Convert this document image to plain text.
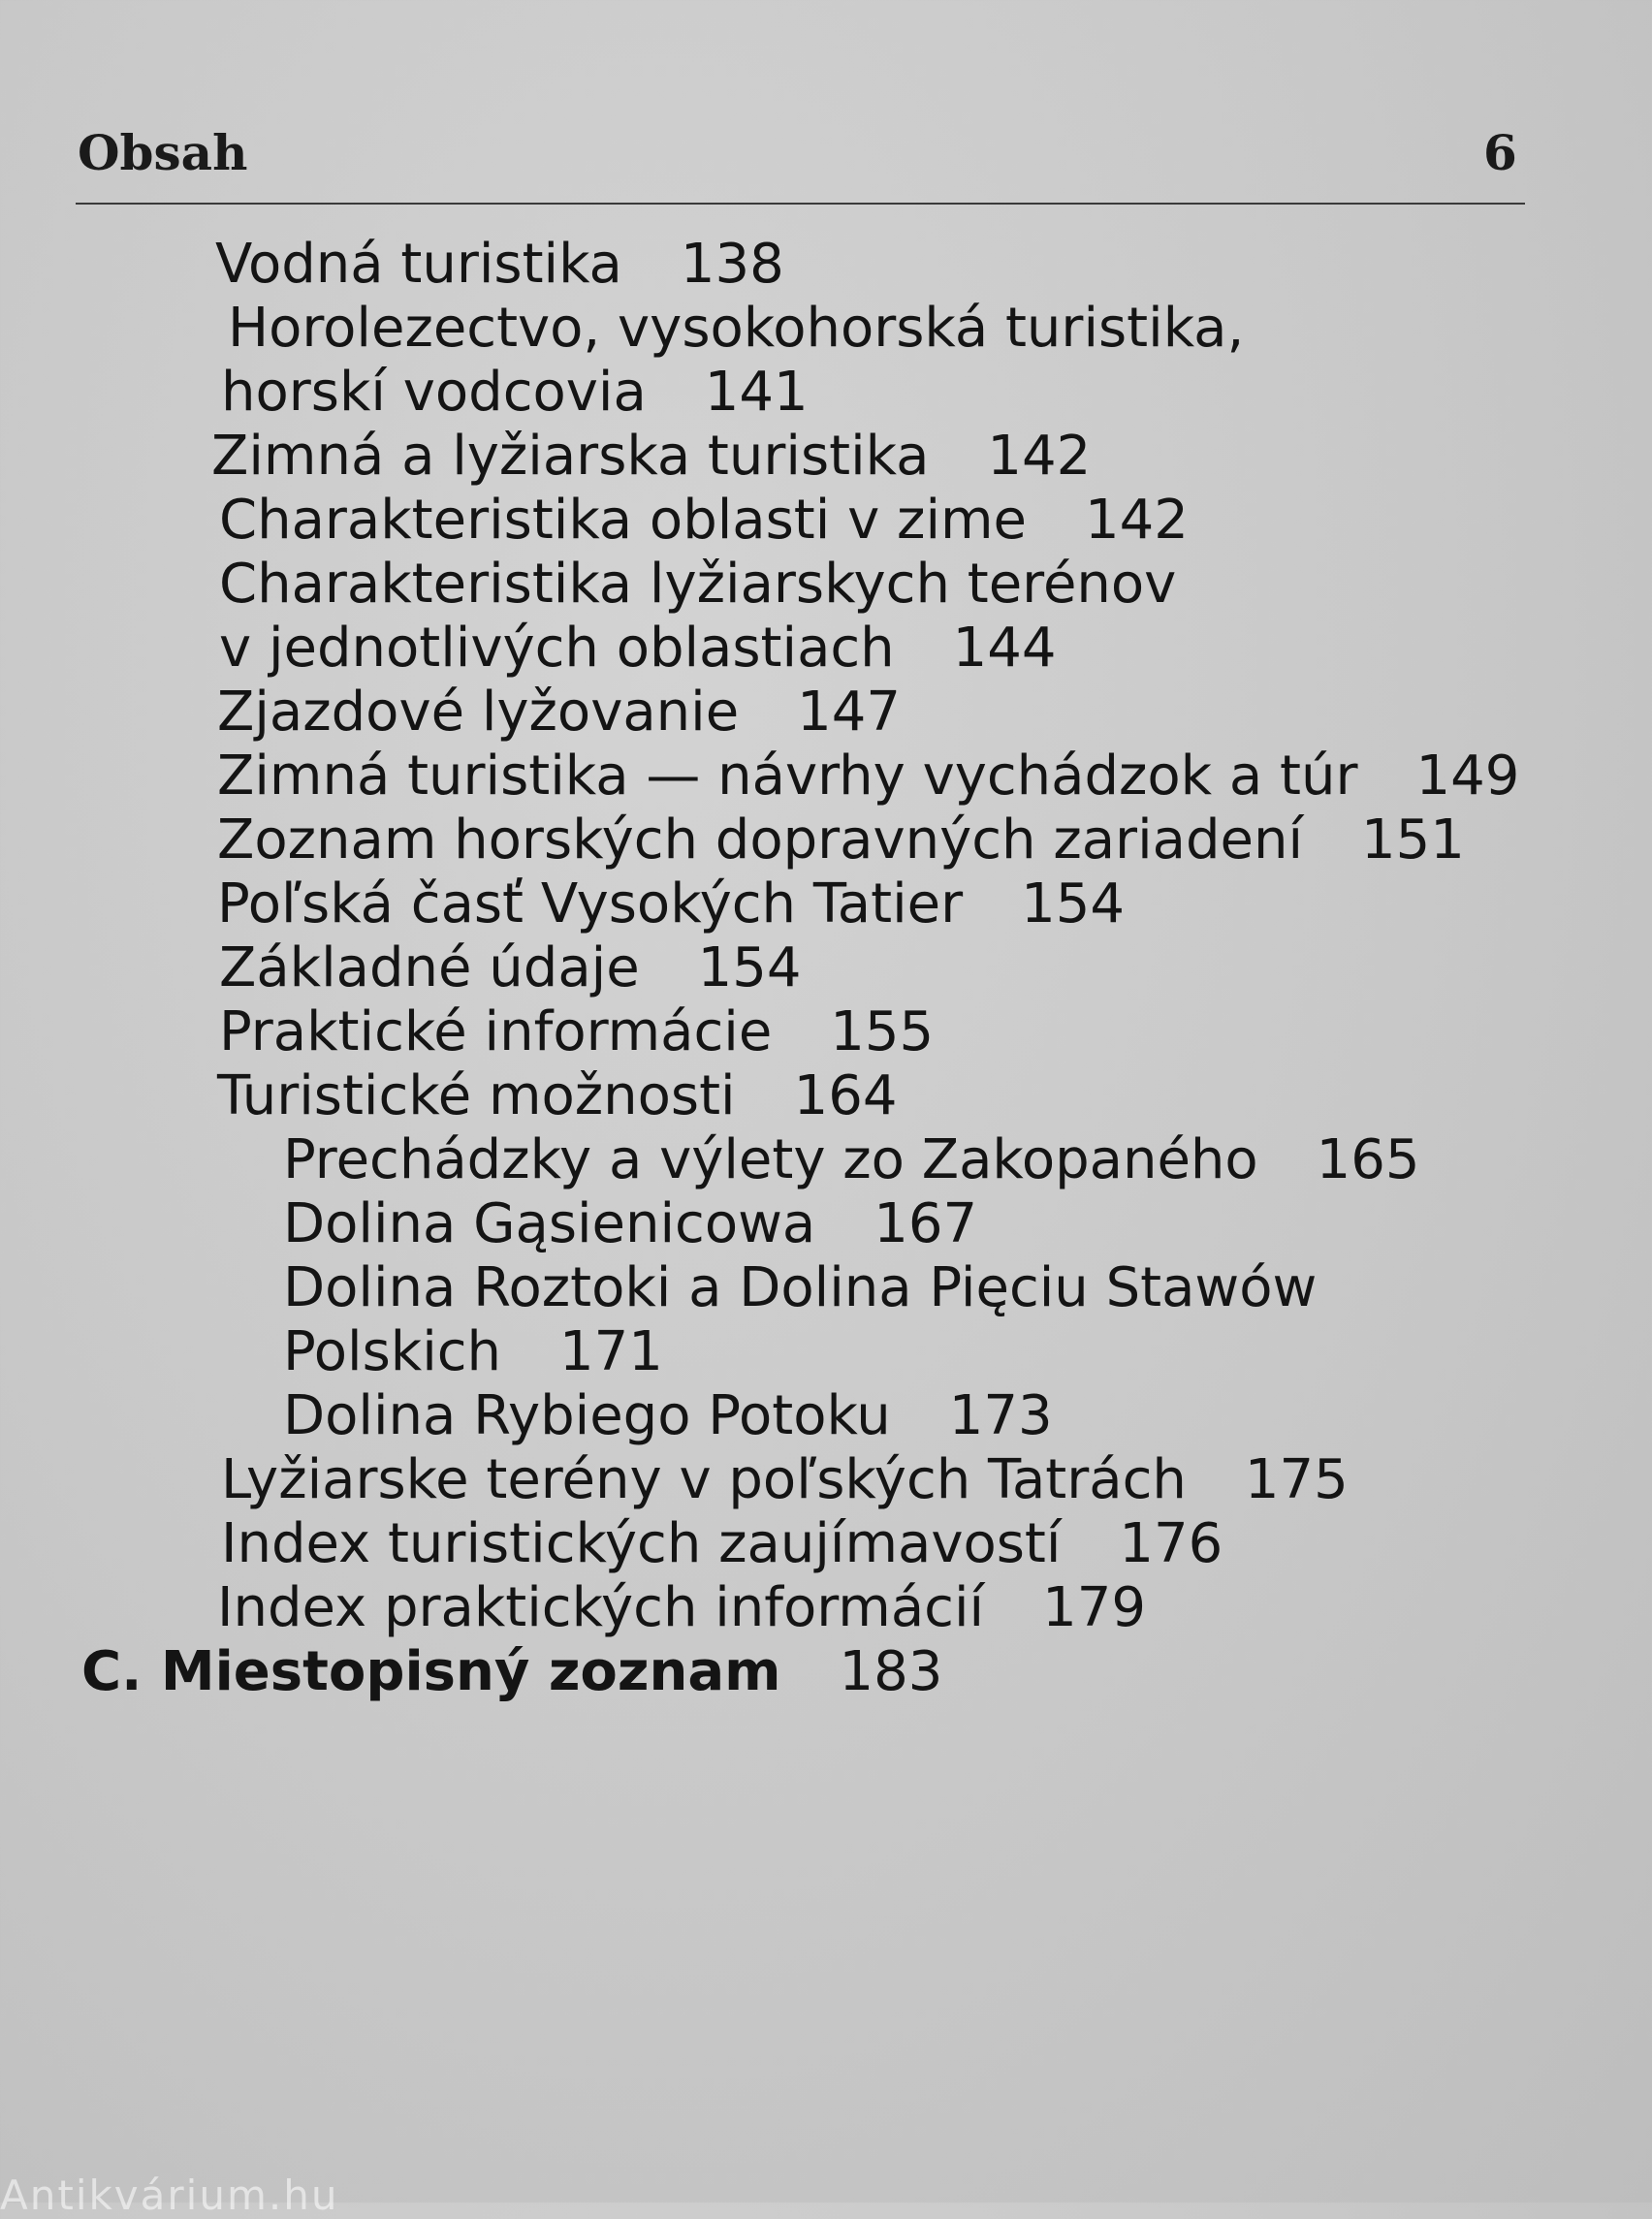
Obsah	6
Vodná turistika 138
Horolezectvo, vysokohorská turistika,
horskí vodcovia 141
Zimná a lyžiarska turistika 142
Charakteristika oblasti v zime 142
Charakteristika lyžiarskych terénov
v jednotlivých oblastiach 144
Zjazdové lyžovanie 147
Zimná turistika — návrhy vychádzok a túr 149
Zoznam horských dopravných zariadení 151
Poľská časť Vysokých Tatier 154
Základné údaje 154
Praktické informácie 155
Turistické možnosti 164
Prechádzky a výlety zo Zakopaného 165
Dolina Gąsienicowa 167
Dolina Roztoki a Dolina Pięciu Stawów
Polskich 171
Dolina Rybiego Potoku 173
Lyžiarske terény v poľských Tatrách 175
Index turistických zaujímavostí 176
Index praktických informácií 179
C. Miestopisný zoznam 183
Antikvárium.hu
